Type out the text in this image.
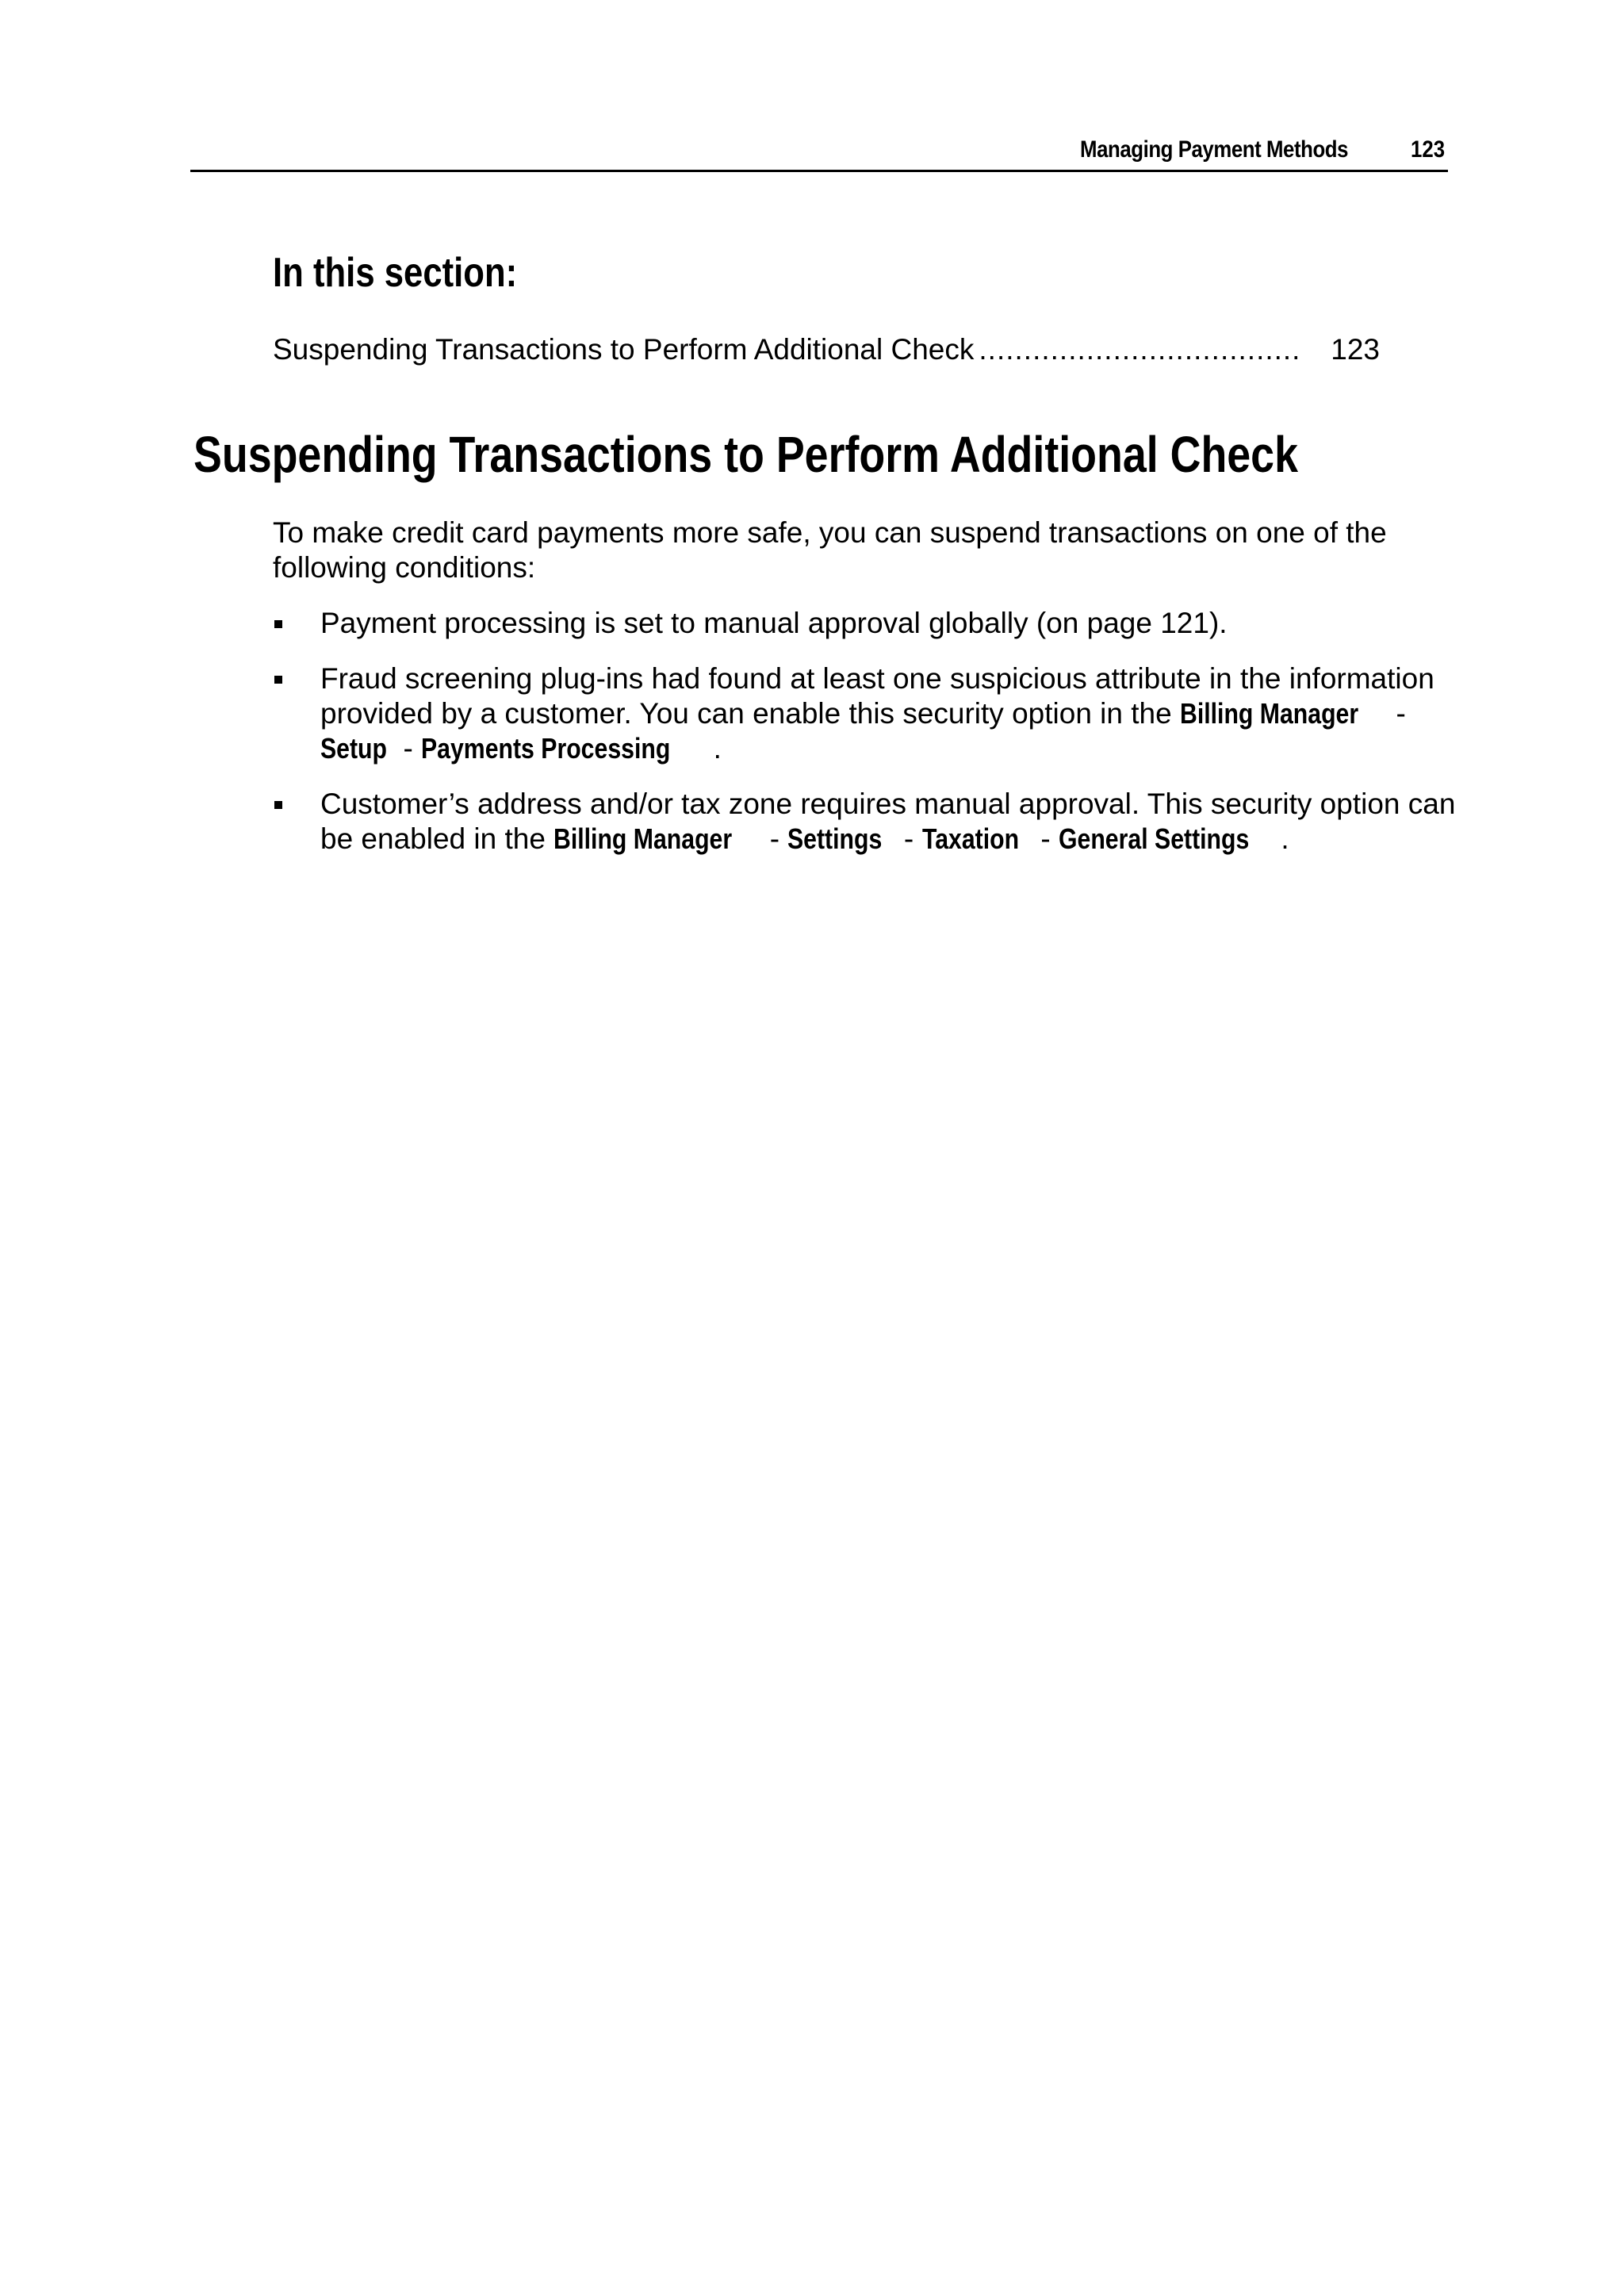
Managing Payment Methods	123
In this section:
Suspending Transactions to Perform Additional Check ....................................	123
Suspending Transactions to Perform Additional Check

To make credit card payments more safe, you can suspend transactions on one of the following conditions:

Payment processing is set to manual approval globally (on page 121).
Fraud screening plug-ins had found at least one suspicious attribute in the information provided by a customer. You can enable this security option in the Billing Manager - Setup - Payments Processing .
Customer’s address and/or tax zone requires manual approval. This security option can be enabled in the Billing Manager - Settings - Taxation - General Settings .
